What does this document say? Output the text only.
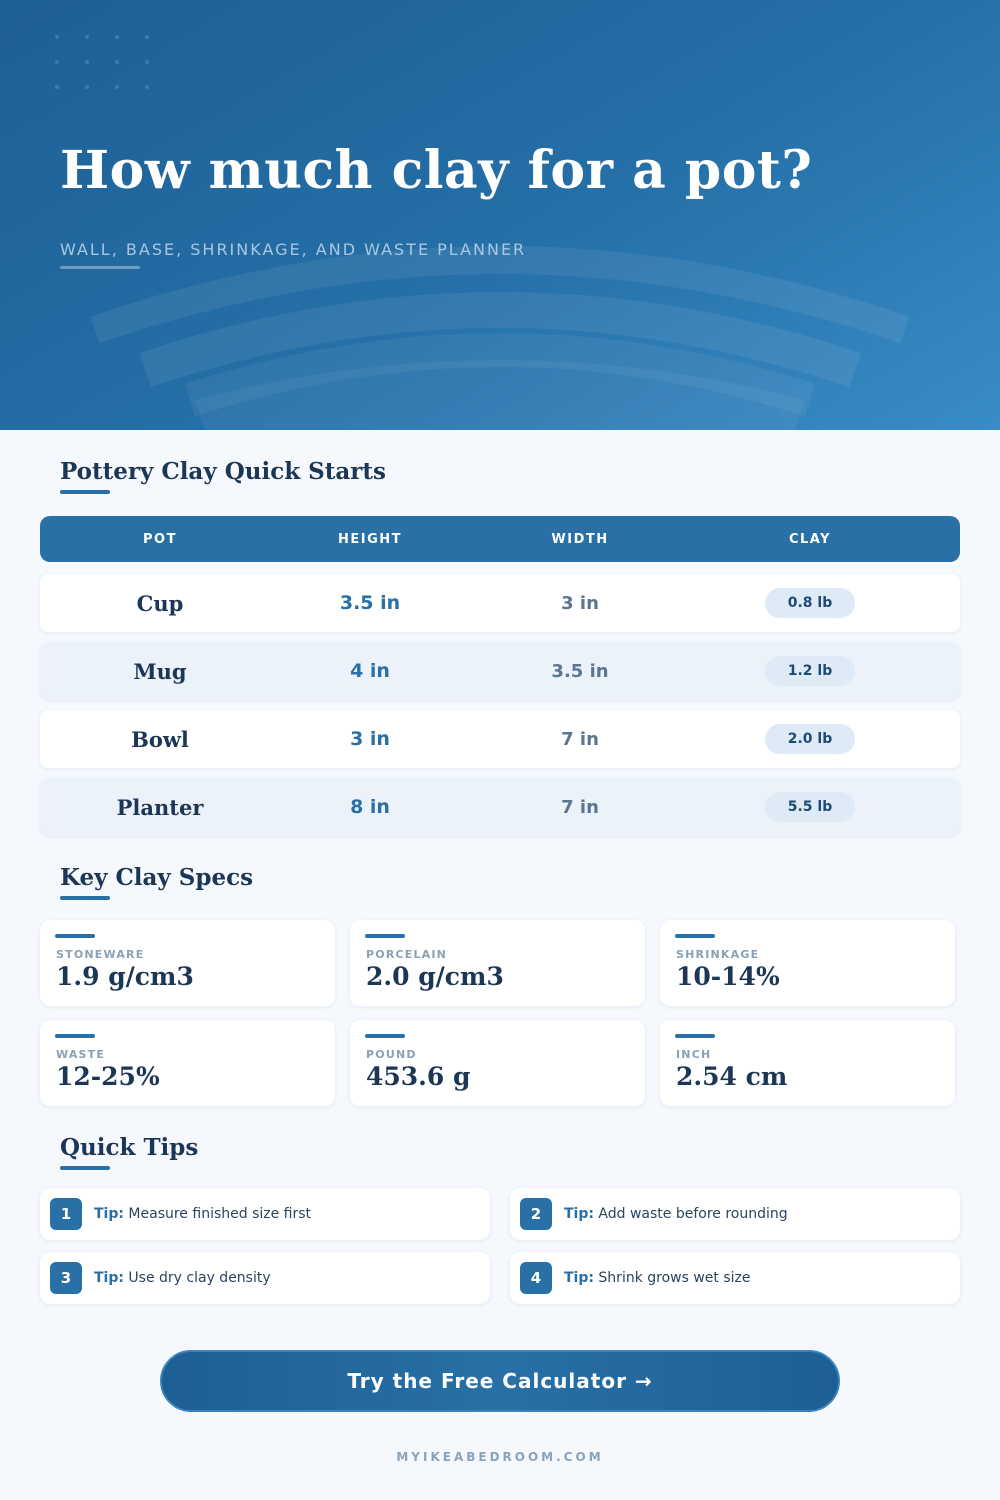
How much clay for a pot?
WALL, BASE, SHRINKAGE, AND WASTE PLANNER
Pottery Clay Quick Starts
POT	HEIGHT	WIDTH	CLAY
Cup	3.5 in	3 in	0.8 lb
Mug	4 in	3.5 in	1.2 lb
Bowl	3 in	7 in	2.0 lb
Planter	8 in	7 in	5.5 lb
Key Clay Specs
STONEWARE
1.9 g/cm3
PORCELAIN
2.0 g/cm3
SHRINKAGE
10-14%
WASTE
12-25%
POUND
453.6 g
INCH
2.54 cm
Quick Tips
1	Tip: Measure finished size first	2	Tip: Add waste before rounding
3	Tip: Use dry clay density	4	Tip: Shrink grows wet size
Try the Free Calculator →
MYIKEABEDROOM.COM
